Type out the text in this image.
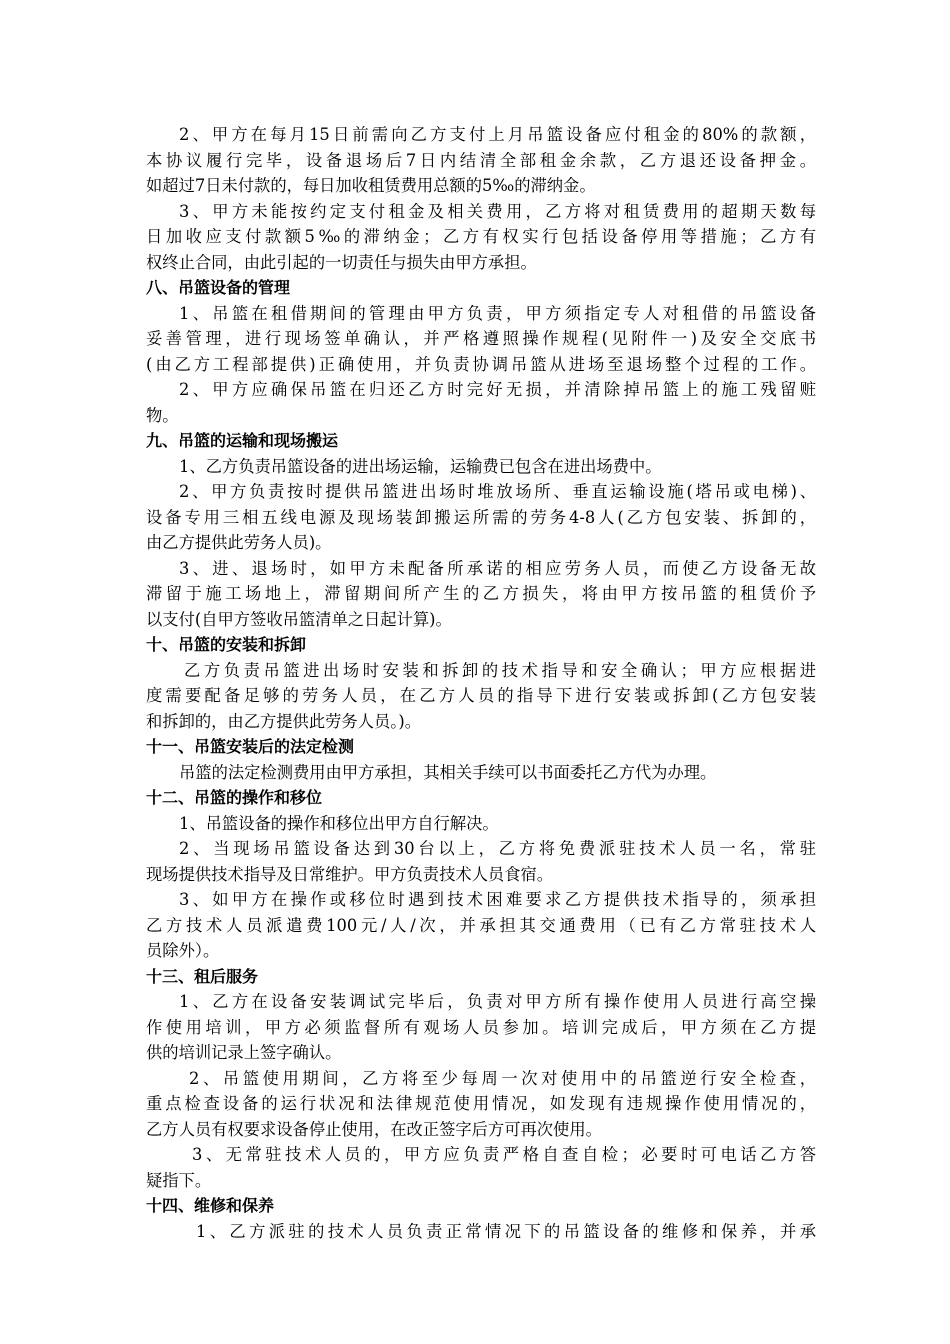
2、甲方在每月15日前需向乙方支付上月吊篮设备应付租金的80%的款额，
本协议履行完毕，设备退场后7日内结清全部租金余款，乙方退还设备押金。
如超过7日未付款的，每日加收租赁费用总额的5‰的滞纳金。
3、甲方未能按约定支付租金及相关费用，乙方将对租赁费用的超期天数每
日加收应支付款额5‰的滞纳金；乙方有权实行包括设备停用等措施；乙方有
权终止合同，由此引起的一切责任与损失由甲方承担。
八、吊篮设备的管理
1、吊篮在租借期间的管理由甲方负责，甲方须指定专人对租借的吊篮设备
妥善管理，进行现场签单确认，并严格遵照操作规程(见附件一)及安全交底书
(由乙方工程部提供)正确使用，并负责协调吊篮从进场至退场整个过程的工作。
2、甲方应确保吊篮在归还乙方时完好无损，并清除掉吊篮上的施工残留赃
物。
九、吊篮的运输和现场搬运
1、乙方负责吊篮设备的进出场运输，运输费已包含在进出场费中。
2、甲方负责按时提供吊篮进出场时堆放场所、垂直运输设施(塔吊或电梯)、
设备专用三相五线电源及现场装卸搬运所需的劳务4-8人(乙方包安装、拆卸的，
由乙方提供此劳务人员)。
3、进、退场时，如甲方未配备所承诺的相应劳务人员，而使乙方设备无故
滞留于施工场地上，滞留期间所产生的乙方损失，将由甲方按吊篮的租赁价予
以支付(自甲方签收吊篮清单之日起计算)。
十、吊篮的安装和拆卸
乙方负责吊篮进出场时安装和拆卸的技术指导和安全确认；甲方应根据进
度需要配备足够的劳务人员，在乙方人员的指导下进行安装或拆卸(乙方包安装
和拆卸的，由乙方提供此劳务人员。)。
十一、吊篮安装后的法定检测
吊篮的法定检测费用由甲方承担，其相关手续可以书面委托乙方代为办理。
十二、吊篮的操作和移位
1、吊篮设备的操作和移位出甲方自行解决。
2、当现场吊篮设备达到30台以上，乙方将免费派驻技术人员一名，常驻
现场提供技术指导及日常维护。甲方负责技术人员食宿。
3、如甲方在操作或移位时遇到技术困难要求乙方提供技术指导的，须承担
乙方技术人员派遣费100元/人/次，并承担其交通费用（已有乙方常驻技术人
员除外）。
十三、租后服务
1、乙方在设备安装调试完毕后，负责对甲方所有操作使用人员进行高空操
作使用培训，甲方必须监督所有观场人员参加。培训完成后，甲方须在乙方提
供的培训记录上签字确认。
2、吊篮使用期间，乙方将至少每周一次对使用中的吊篮逆行安全检查，
重点检查设备的运行状况和法律规范使用情况，如发现有违规操作使用情况的，
乙方人员有权要求设备停止使用，在改正签字后方可再次使用。
3、无常驻技术人员的，甲方应负责严格自查自检；必要时可电话乙方答
疑指下。
十四、维修和保养
1、乙方派驻的技术人员负责正常情况下的吊篮设备的维修和保养，并承
